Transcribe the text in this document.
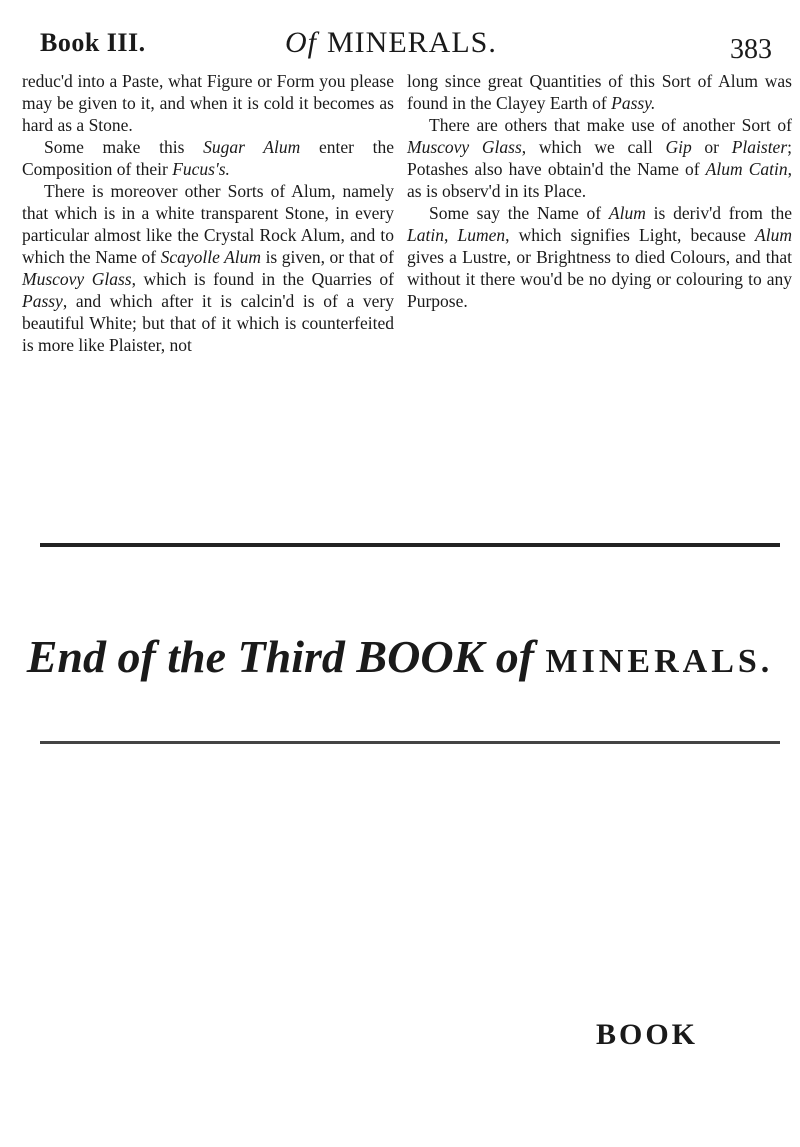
Book III.	Of MINERALS.	383

reduc'd into a Paste, what Figure or Form you please may be given to it, and when it is cold it becomes as hard as a Stone.

Some make this Sugar Alum enter the Composition of their Fucus's.

There is moreover other Sorts of Alum, namely that which is in a white transparent Stone, in every particular almost like the Crystal Rock Alum, and to which the Name of Scayolle Alum is given, or that of Muscovy Glass, which is found in the Quarries of Passy, and which after it is calcin'd is of a very beautiful White; but that of it which is counterfeited is more like Plaister, not

long since great Quantities of this Sort of Alum was found in the Clayey Earth of Passy.

There are others that make use of another Sort of Muscovy Glass, which we call Gip or Plaister; Potashes also have obtain'd the Name of Alum Catin, as is observ'd in its Place.

Some say the Name of Alum is deriv'd from the Latin, Lumen, which signifies Light, because Alum gives a Lustre, or Brightness to died Colours, and that without it there wou'd be no dying or colouring to any Purpose.

End of the Third BOOK of MINERALS.
BOOK
